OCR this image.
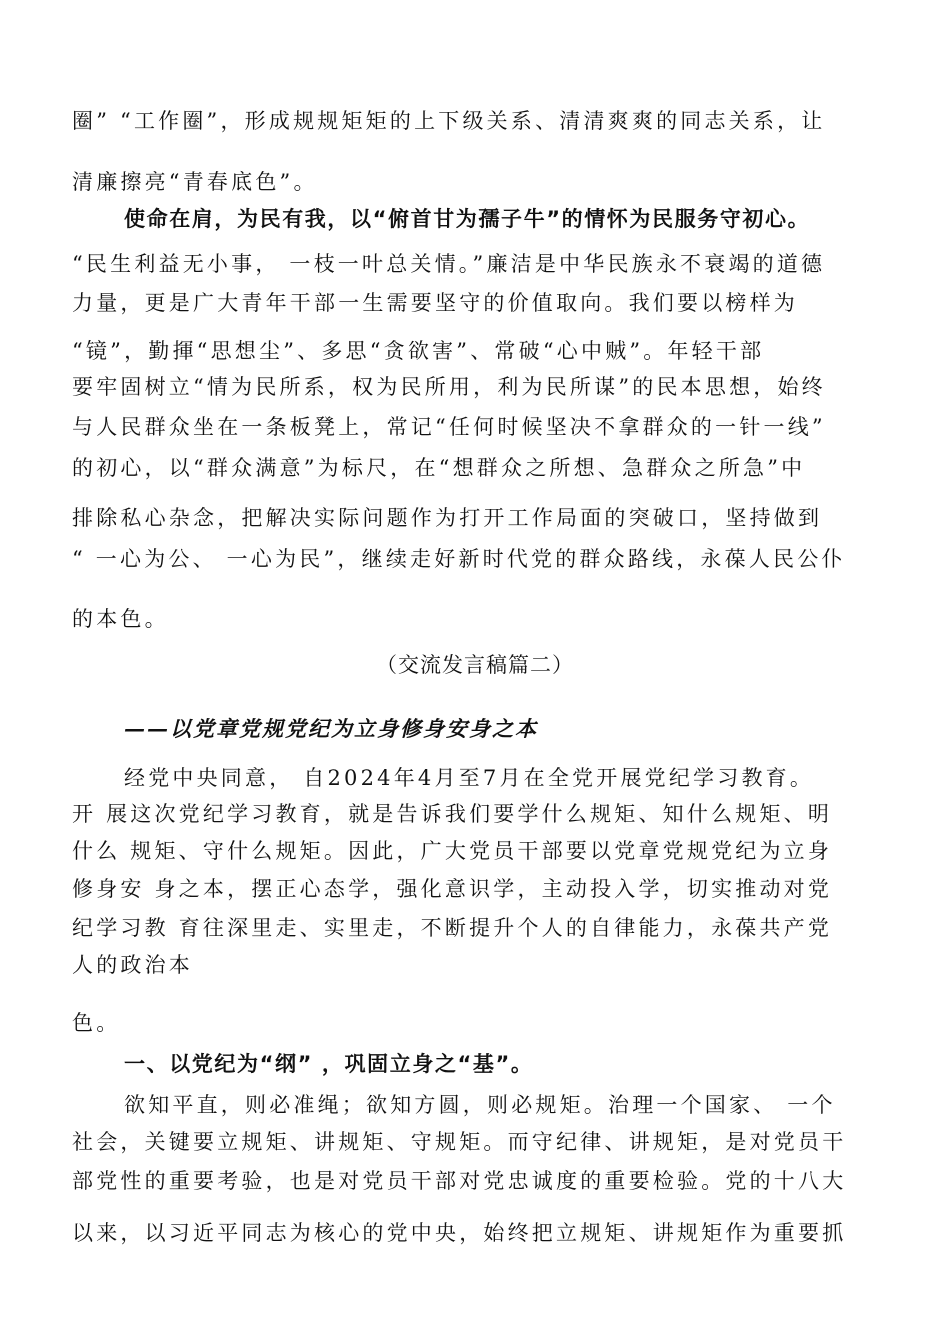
圈” “工作圈”，形成规规矩矩的上下级关系、清清爽爽的同志关系，让
清廉擦亮“青春底色”。
使命在肩，为民有我，以“俯首甘为孺子牛”的情怀为民服务守初心。
“民生利益无小事， 一枝一叶总关情。”廉洁是中华民族永不衰竭的道德
力量，更是广大青年干部一生需要坚守的价值取向。我们要以榜样为
“镜”，勤揮“思想尘”、多思“贪欲害”、常破“心中贼”。年轻干部
要牢固树立“情为民所系，权为民所用，利为民所谋”的民本思想，始终
与人民群众坐在一条板凳上，常记“任何时候坚决不拿群众的一针一线”
的初心，以“群众满意”为标尺，在“想群众之所想、急群众之所急”中
排除私心杂念，把解决实际问题作为打开工作局面的突破口，坚持做到
“ 一心为公、 一心为民”，继续走好新时代党的群众路线，永葆人民公仆
的本色。
（交流发言稿篇二）
——以党章党规党纪为立身修身安身之本
经党中央同意， 自2024年4月至7月在全党开展党纪学习教育。
开 展这次党纪学习教育，就是告诉我们要学什么规矩、知什么规矩、明
什么 规矩、守什么规矩。因此，广大党员干部要以党章党规党纪为立身
修身安 身之本，摆正心态学，强化意识学，主动投入学，切实推动对党
纪学习教 育往深里走、实里走，不断提升个人的自律能力，永葆共产党
人的政治本
色。
一、以党纪为“纲” ，巩固立身之“基”。
欲知平直，则必准绳；欲知方圆，则必规矩。治理一个国家、 一个
社会，关键要立规矩、讲规矩、守规矩。而守纪律、讲规矩，是对党员干
部党性的重要考验，也是对党员干部对党忠诚度的重要检验。党的十八大
以来，以习近平同志为核心的党中央，始终把立规矩、讲规矩作为重要抓
